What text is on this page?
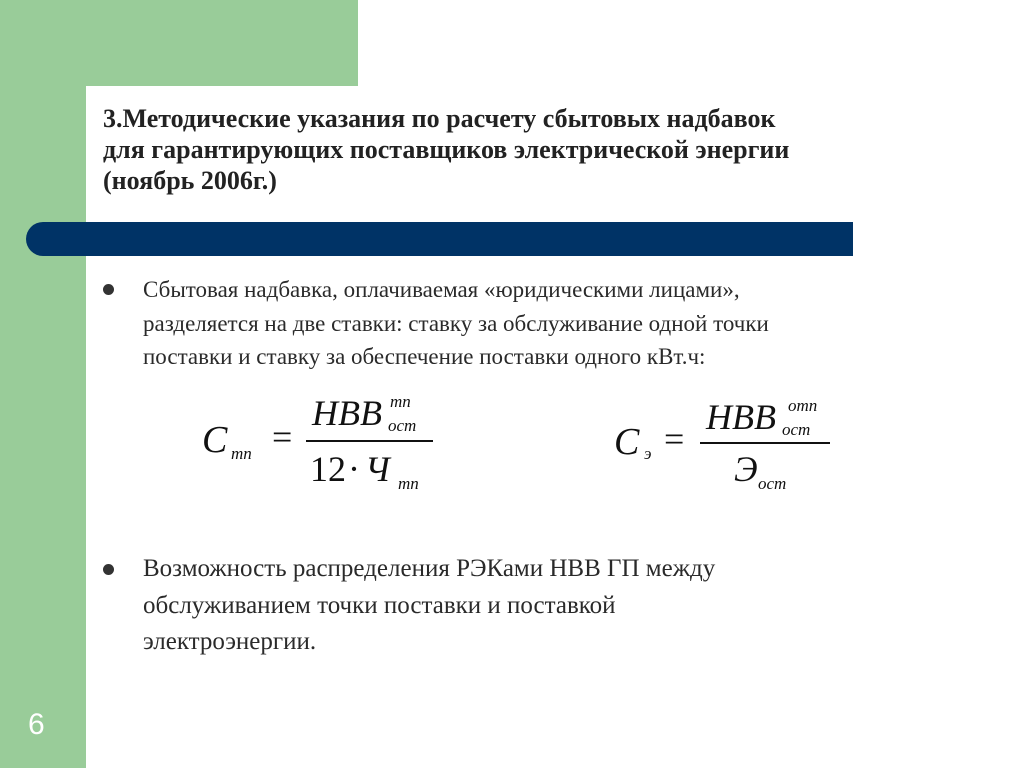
3.Методические указания по расчету сбытовых надбавок
для гарантирующих поставщиков электрической энергии
(ноябрь 2006г.)
Сбытовая надбавка, оплачиваемая «юридическими лицами»,
разделяется на две ставки: ставку за обслуживание одной точки
поставки и ставку за обеспечение поставки одного кВт.ч:
C тп =
НВВ тп
ост
12 · Ч тп
C э =
НВВ отп
ост
Э ост
Возможность распределения РЭКами НВВ ГП между
обслуживанием точки поставки и поставкой
электроэнергии.
6
